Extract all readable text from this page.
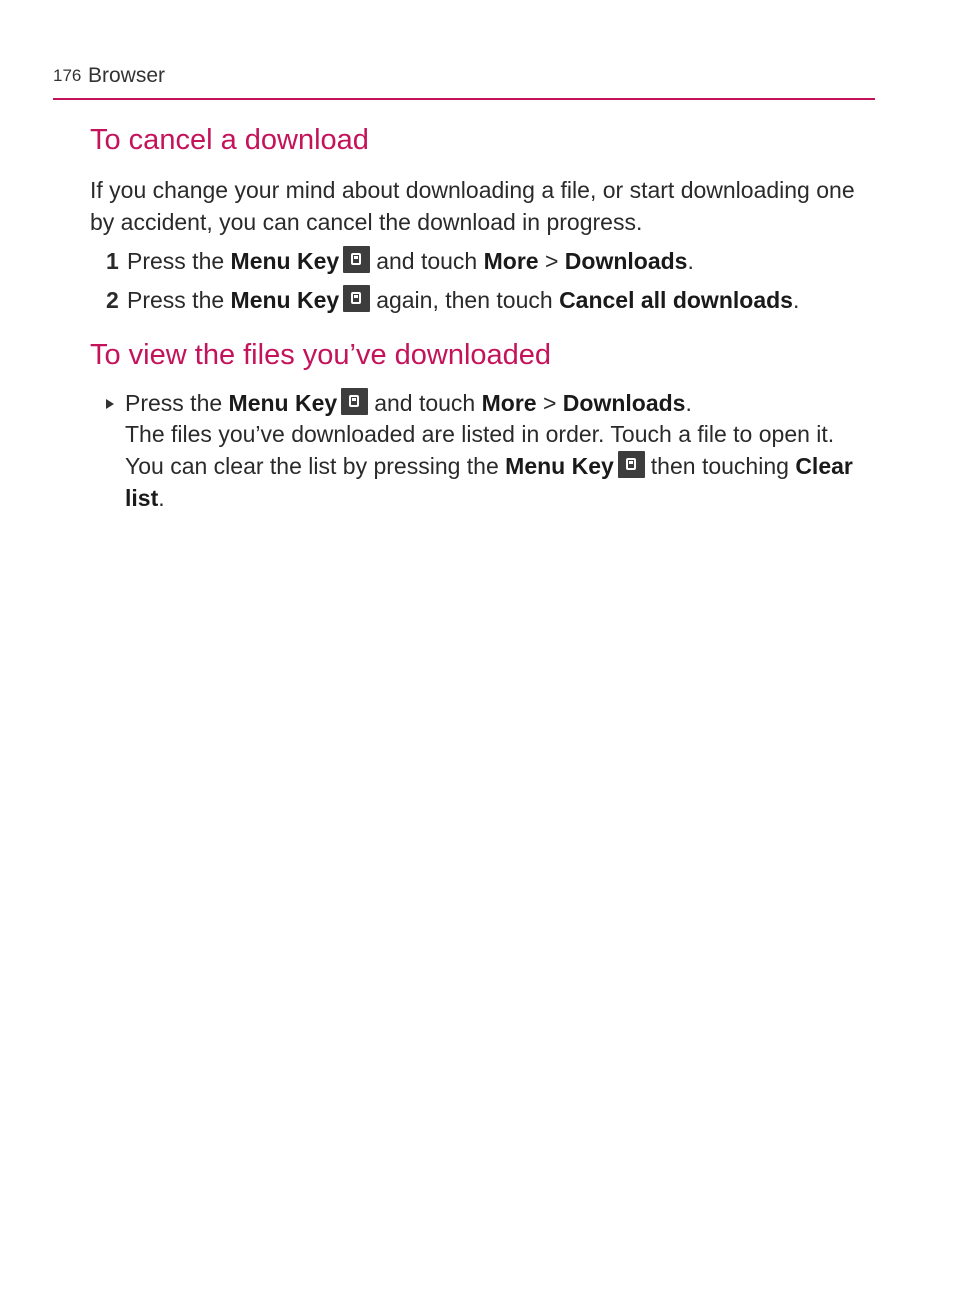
176 Browser
To cancel a download

If you change your mind about downloading a file, or start downloading one by accident, you can cancel the download in progress.

1 Press the Menu Key and touch More > Downloads.
2 Press the Menu Key again, then touch Cancel all downloads.
To view the files you’ve downloaded
Press the Menu Key and touch More > Downloads.
The files you’ve downloaded are listed in order. Touch a file to open it.
You can clear the list by pressing the Menu Key then touching Clear list.
